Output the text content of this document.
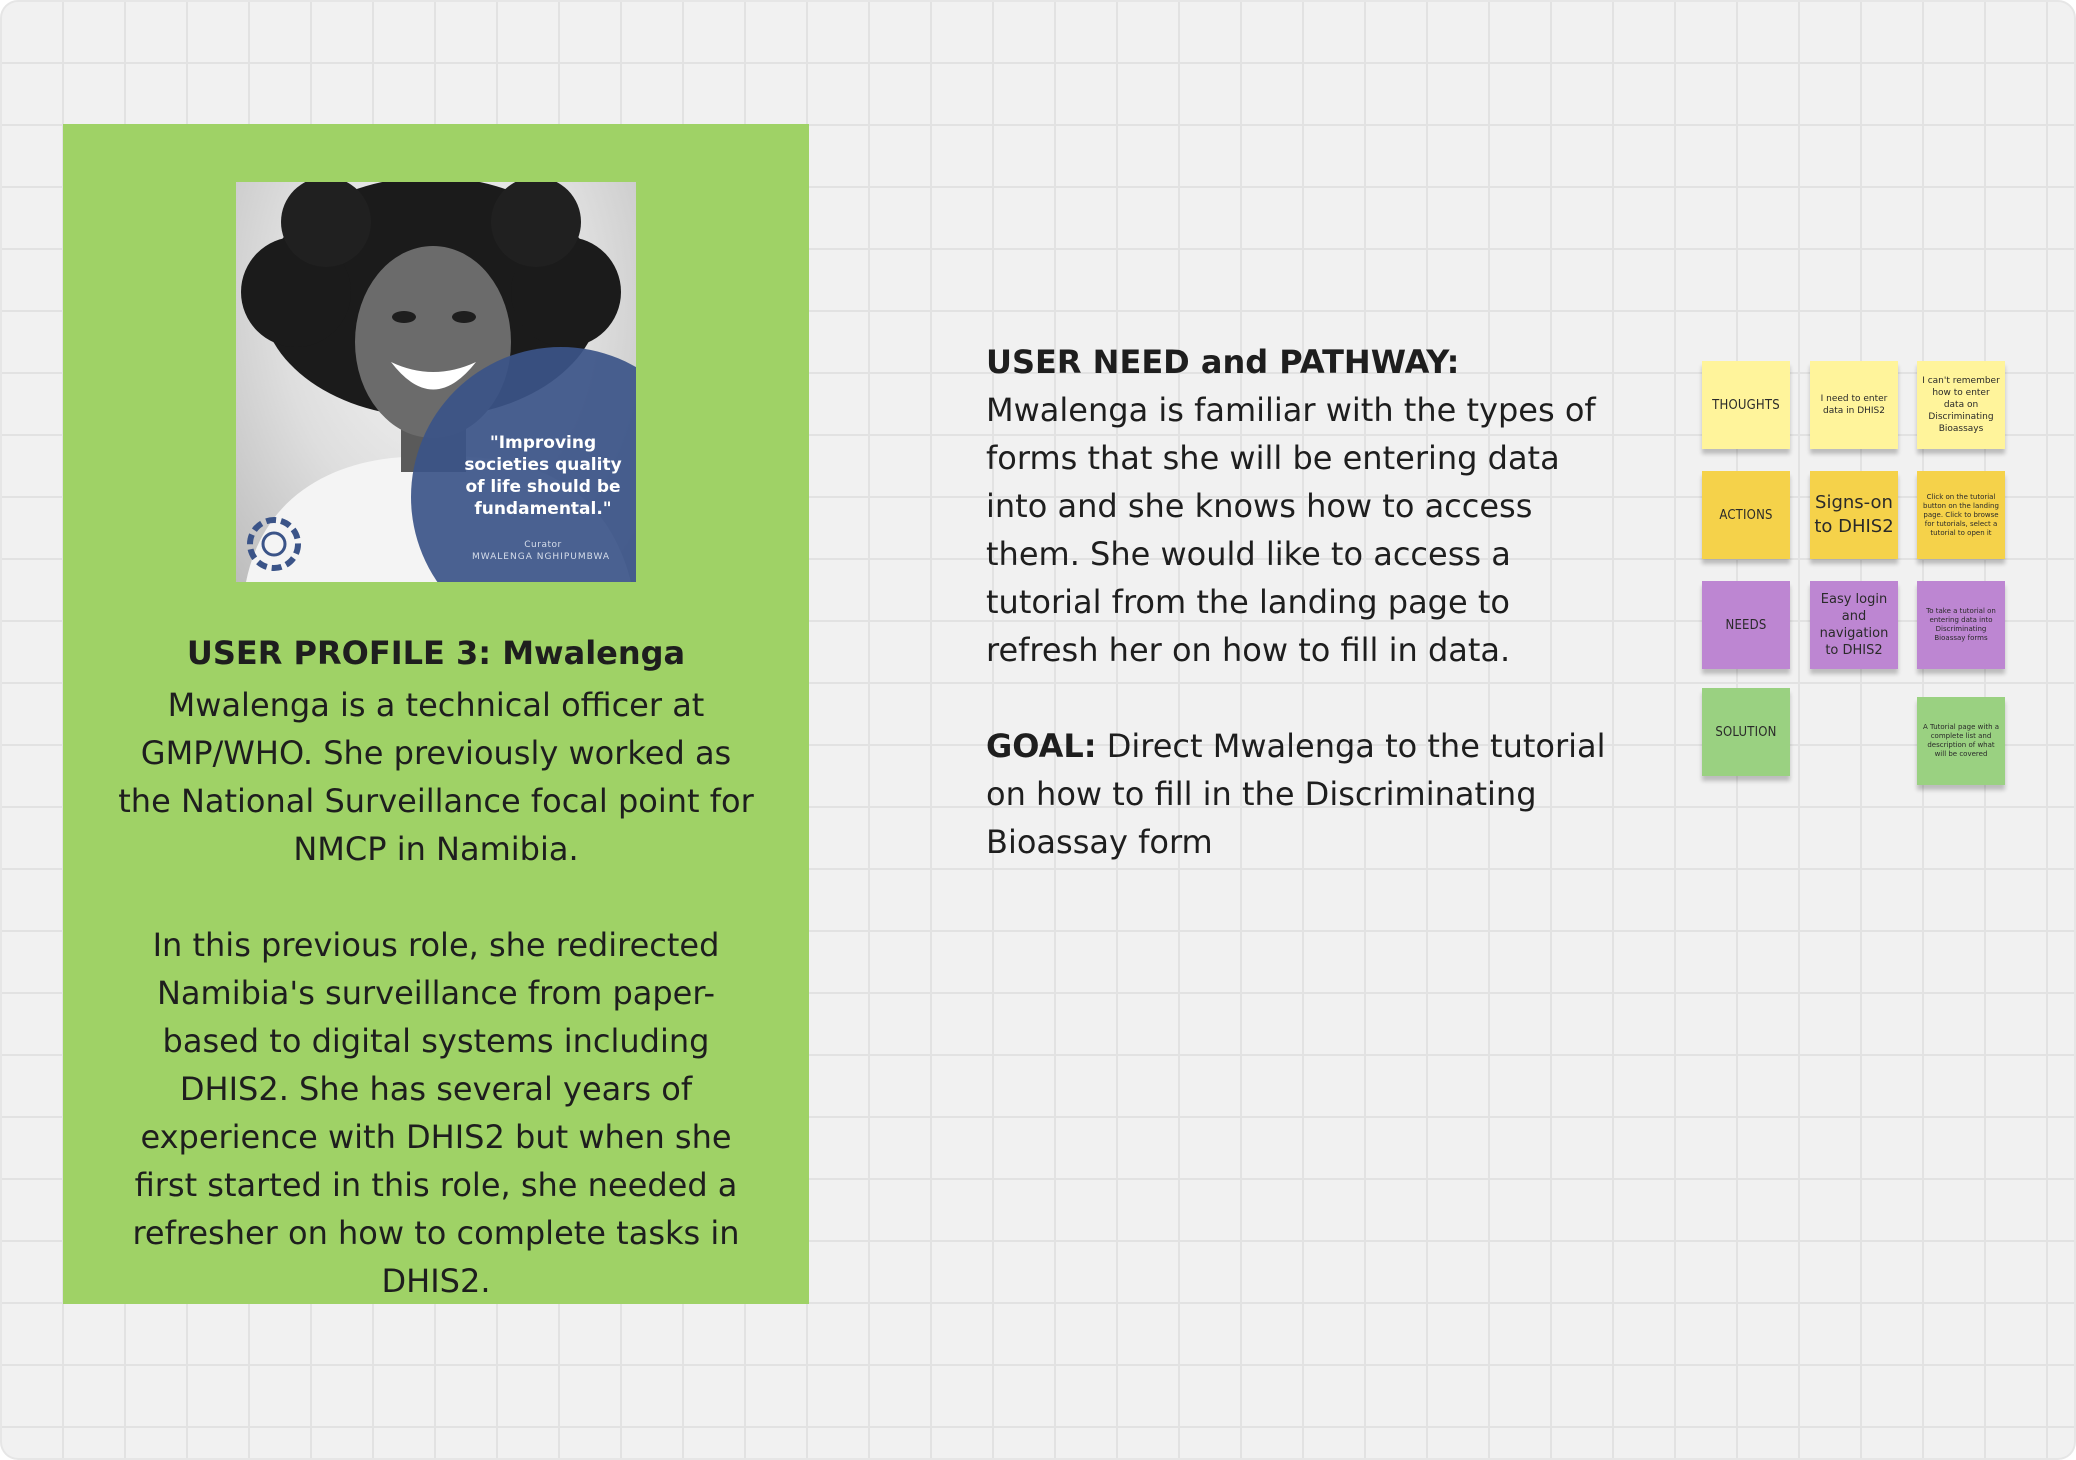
"Improving societies quality of life should be fundamental."
Curator
MWALENGA NGHIPUMBWA
USER PROFILE 3: Mwalenga
Mwalenga is a technical officer at GMP/WHO. She previously worked as the National Surveillance focal point for NMCP in Namibia.
In this previous role, she redirected Namibia's surveillance from paper-based to digital systems including DHIS2. She has several years of experience with DHIS2 but when she first started in this role, she needed a refresher on how to complete tasks in DHIS2.
USER NEED and PATHWAY:
Mwalenga is familiar with the types of forms that she will be entering data into and she knows how to access them. She would like to access a tutorial from the landing page to refresh her on how to fill in data.
GOAL: Direct Mwalenga to the tutorial on how to fill in the Discriminating Bioassay form
THOUGHTS	I need to enter data in DHIS2
I can't remember how to enter data on Discriminating Bioassays
ACTIONS
Signs-on to DHIS2
Click on the tutorial button on the landing page. Click to browse for tutorials, select a tutorial to open it
NEEDS
Easy login and navigation to DHIS2
To take a tutorial on entering data into Discriminating Bioassay forms
SOLUTION	A Tutorial page with a complete list and description of what will be covered
